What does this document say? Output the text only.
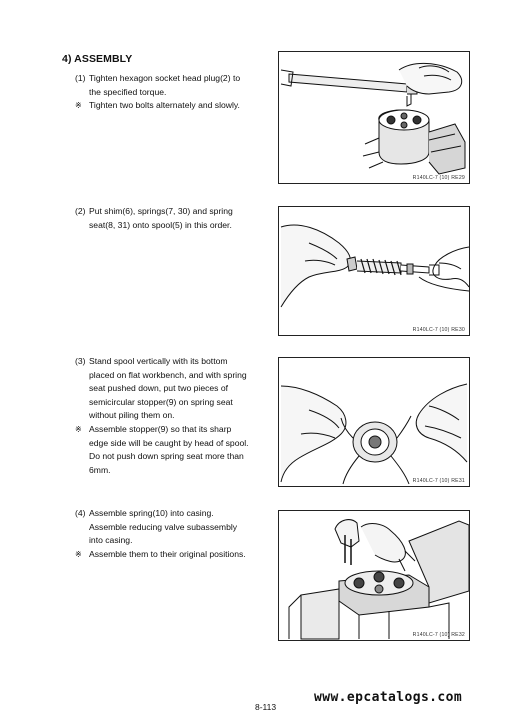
4) ASSEMBLY
(1) Tighten hexagon socket head plug(2) to
the specified torque.
※ Tighten two bolts alternately and slowly.
(2) Put shim(6), springs(7, 30) and spring
seat(8, 31) onto spool(5) in this order.
(3) Stand spool vertically with its bottom
placed on flat workbench, and with spring
seat pushed down, put two pieces of
semicircular stopper(9) on spring seat
without piling them on.
※ Assemble stopper(9) so that its sharp
edge side will be caught by head of spool.
Do not push down spring seat more than
6mm.
(4) Assemble spring(10) into casing.
Assemble reducing valve subassembly
into casing.
※ Assemble them to their original positions.
R140LC-7 (10) RE29
R140LC-7 (10) RE30
R140LC-7 (10) RE31
R140LC-7 (10) RE32
www.epcatalogs.com
8-113
